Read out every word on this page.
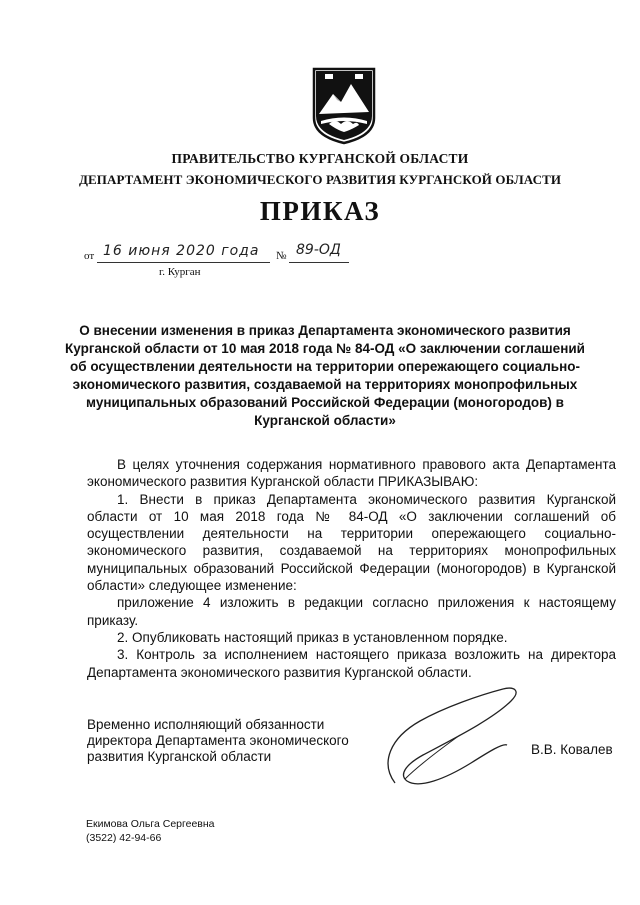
ПРАВИТЕЛЬСТВО КУРГАНСКОЙ ОБЛАСТИ
ДЕПАРТАМЕНТ ЭКОНОМИЧЕСКОГО РАЗВИТИЯ КУРГАНСКОЙ ОБЛАСТИ
ПРИКАЗ
от 16 июня 2020 года № 89-ОД
г. Курган
О внесении изменения в приказ Департамента экономического развития Курганской области от 10 мая 2018 года № 84-ОД «О заключении соглашений об осуществлении деятельности на территории опережающего социально-экономического развития, создаваемой на территориях монопрофильных муниципальных образований Российской Федерации (моногородов) в Курганской области»

В целях уточнения содержания нормативного правового акта Департамента экономического развития Курганской области ПРИКАЗЫВАЮ:

1. Внести в приказ Департамента экономического развития Курганской области от 10 мая 2018 года № 84-ОД «О заключении соглашений об осуществлении деятельности на территории опережающего социально-экономического развития, создаваемой на территориях монопрофильных муниципальных образований Российской Федерации (моногородов) в Курганской области» следующее изменение:

приложение 4 изложить в редакции согласно приложения к настоящему приказу.

2. Опубликовать настоящий приказ в установленном порядке.

3. Контроль за исполнением настоящего приказа возложить на директора Департамента экономического развития Курганской области.

Временно исполняющий обязанности
директора Департамента экономического
развития Курганской области	В.В. Ковалев
Екимова Ольга Сергеевна
(3522) 42-94-66
